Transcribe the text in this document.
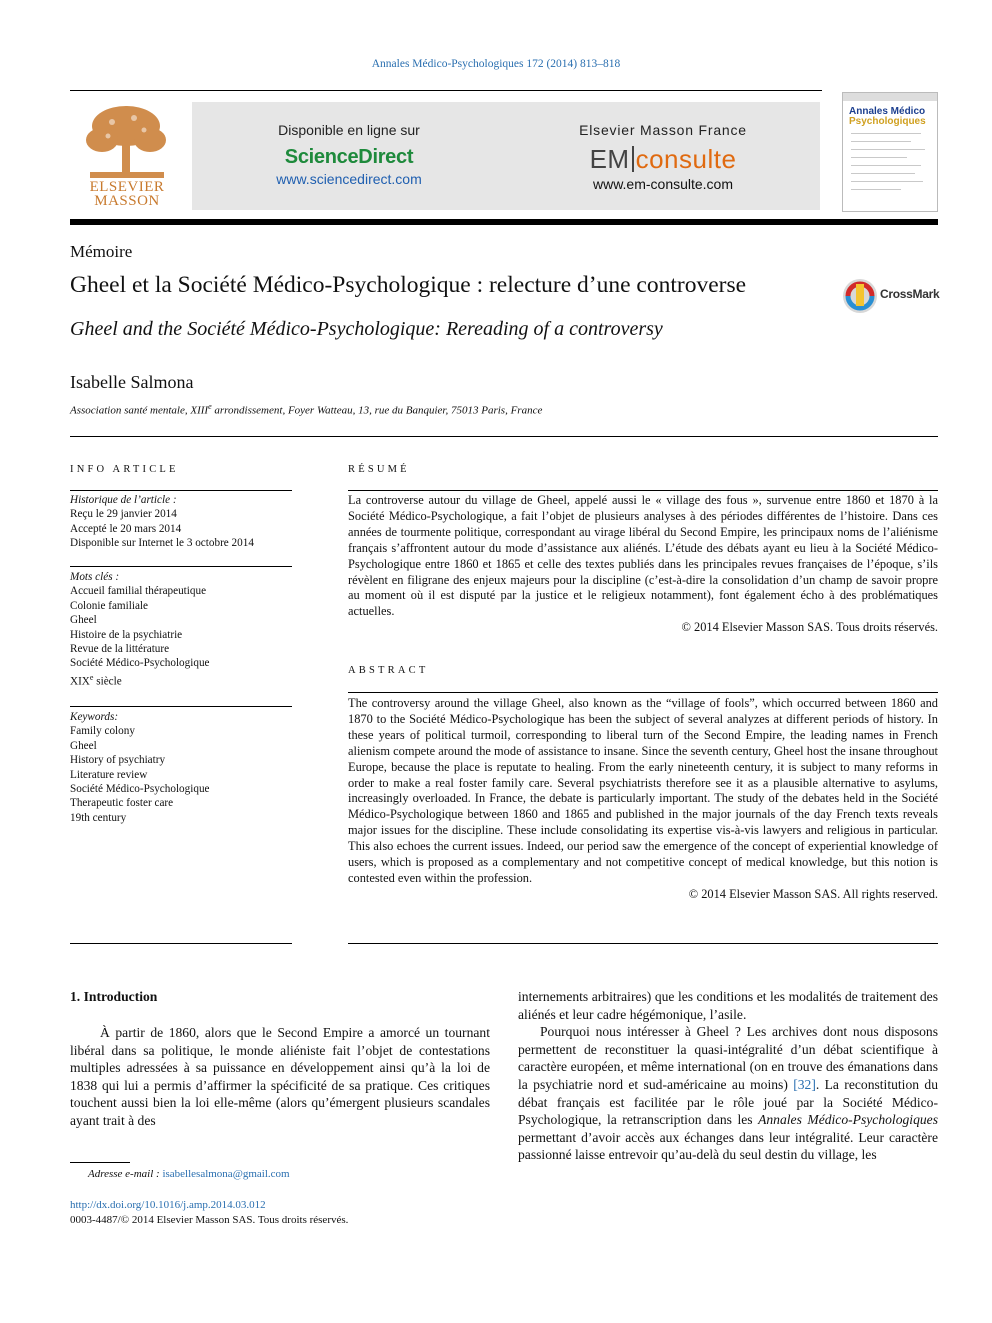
Annales Médico-Psychologiques 172 (2014) 813–818
ELSEVIER MASSON
Disponible en ligne sur
ScienceDirect
www.sciencedirect.com
Elsevier Masson France
EM consulte
www.em-consulte.com
Annales Médico
Psychologiques
Mémoire
Gheel et la Société Médico-Psychologique : relecture d’une controverse	CrossMark
Gheel and the Société Médico-Psychologique: Rereading of a controversy
Isabelle Salmona
Association santé mentale, XIIIe arrondissement, Foyer Watteau, 13, rue du Banquier, 75013 Paris, France
INFO ARTICLE
Historique de l’article :
Reçu le 29 janvier 2014
Accepté le 20 mars 2014
Disponible sur Internet le 3 octobre 2014
Mots clés :
Accueil familial thérapeutique
Colonie familiale
Gheel
Histoire de la psychiatrie
Revue de la littérature
Société Médico-Psychologique
XIXe siècle
Keywords:
Family colony
Gheel
History of psychiatry
Literature review
Société Médico-Psychologique
Therapeutic foster care
19th century
RÉSUMÉ
La controverse autour du village de Gheel, appelé aussi le « village des fous », survenue entre 1860 et 1870 à la Société Médico-Psychologique, a fait l’objet de plusieurs analyses à des périodes différentes de l’histoire. Dans ces années de tourmente politique, correspondant au virage libéral du Second Empire, les principaux noms de l’aliénisme français s’affrontent autour du mode d’assistance aux aliénés. L’étude des débats ayant eu lieu à la Société Médico-Psychologique entre 1860 et 1865 et celle des textes publiés dans les principales revues françaises de l’époque, s’ils révèlent en filigrane des enjeux majeurs pour la discipline (c’est-à-dire la consolidation d’un champ de savoir propre au moment où il est disputé par la justice et le religieux notamment), font également écho à des problématiques actuelles.
© 2014 Elsevier Masson SAS. Tous droits réservés.
ABSTRACT
The controversy around the village Gheel, also known as the “village of fools”, which occurred between 1860 and 1870 to the Société Médico-Psychologique has been the subject of several analyzes at different periods of history. In these years of political turmoil, corresponding to liberal turn of the Second Empire, the leading names in French alienism compete around the mode of assistance to insane. Since the seventh century, Gheel host the insane throughout Europe, because the place is reputate to healing. From the early nineteenth century, it is subject to many reforms in order to make a real foster family care. Several psychiatrists therefore see it as a plausible alternative to asylums, increasingly overloaded. In France, the debate is particularly important. The study of the debates held in the Société Médico-Psychologique between 1860 and 1865 and published in the major journals of the day French texts reveals major issues for the discipline. These include consolidating its expertise vis-à-vis lawyers and religious in particular. This also echoes the current issues. Indeed, our period saw the emergence of the concept of experiential knowledge of users, which is proposed as a complementary and not competitive concept of medical knowledge, but this notion is contested even within the profession.
© 2014 Elsevier Masson SAS. All rights reserved.
1. Introduction
À partir de 1860, alors que le Second Empire a amorcé un tournant libéral dans sa politique, le monde aliéniste fait l’objet de contestations multiples adressées à sa puissance en développement ainsi qu’à la loi de 1838 qui lui a permis d’affirmer la spécificité de sa pratique. Ces critiques touchent aussi bien la loi elle-même (alors qu’émergent plusieurs scandales ayant trait à des
internements arbitraires) que les conditions et les modalités de traitement des aliénés et leur cadre hégémonique, l’asile.
Pourquoi nous intéresser à Gheel ? Les archives dont nous disposons permettent de reconstituer la quasi-intégralité d’un débat scientifique à caractère européen, et même international (on en trouve des émanations dans la psychiatrie nord et sud-américaine au moins) [32]. La reconstitution du débat français est facilitée par le rôle joué par la Société Médico-Psychologique, la retranscription dans les Annales Médico-Psychologiques permettant d’avoir accès aux échanges dans leur intégralité. Leur caractère passionné laisse entrevoir qu’au-delà du seul destin du village, les
Adresse e-mail : isabellesalmona@gmail.com
http://dx.doi.org/10.1016/j.amp.2014.03.012
0003-4487/© 2014 Elsevier Masson SAS. Tous droits réservés.
